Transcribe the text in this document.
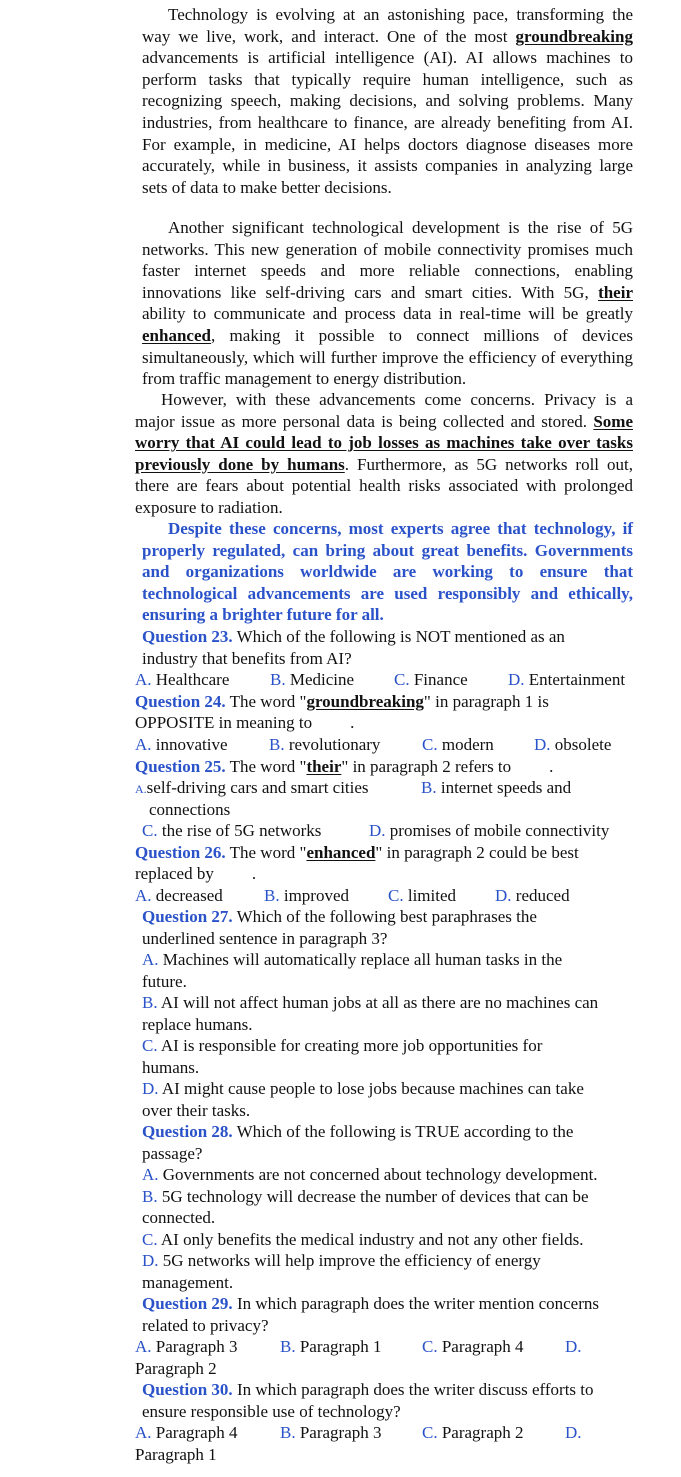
Technology is evolving at an astonishing pace, transforming the way we live, work, and interact. One of the most groundbreaking advancements is artificial intelligence (AI). AI allows machines to perform tasks that typically require human intelligence, such as recognizing speech, making decisions, and solving problems. Many industries, from healthcare to finance, are already benefiting from AI. For example, in medicine, AI helps doctors diagnose diseases more accurately, while in business, it assists companies in analyzing large sets of data to make better decisions.
Another significant technological development is the rise of 5G networks. This new generation of mobile connectivity promises much faster internet speeds and more reliable connections, enabling innovations like self-driving cars and smart cities. With 5G, their ability to communicate and process data in real-time will be greatly enhanced, making it possible to connect millions of devices simultaneously, which will further improve the efficiency of everything from traffic management to energy distribution.
However, with these advancements come concerns. Privacy is a major issue as more personal data is being collected and stored. Some worry that AI could lead to job losses as machines take over tasks previously done by humans. Furthermore, as 5G networks roll out, there are fears about potential health risks associated with prolonged exposure to radiation.
Despite these concerns, most experts agree that technology, if properly regulated, can bring about great benefits. Governments and organizations worldwide are working to ensure that technological advancements are used responsibly and ethically, ensuring a brighter future for all.
Question 23. Which of the following is NOT mentioned as an
industry that benefits from AI?
A. Healthcare B. Medicine C. Finance D. Entertainment
Question 24. The word "groundbreaking" in paragraph 1 is
OPPOSITE in meaning to .
A. innovative B. revolutionary C. modern D. obsolete
Question 25. The word "their" in paragraph 2 refers to .
A.self-driving cars and smart cities	B. internet speeds and
connections
C. the rise of 5G networks	D. promises of mobile connectivity
Question 26. The word "enhanced" in paragraph 2 could be best
replaced by .
A. decreased B. improved C. limited D. reduced
Question 27. Which of the following best paraphrases the
underlined sentence in paragraph 3?
A. Machines will automatically replace all human tasks in the
future.
B. AI will not affect human jobs at all as there are no machines can
replace humans.
C. AI is responsible for creating more job opportunities for
humans.
D. AI might cause people to lose jobs because machines can take
over their tasks.
Question 28. Which of the following is TRUE according to the
passage?
A. Governments are not concerned about technology development.
B. 5G technology will decrease the number of devices that can be
connected.
C. AI only benefits the medical industry and not any other fields.
D. 5G networks will help improve the efficiency of energy
management.
Question 29. In which paragraph does the writer mention concerns
related to privacy?
A. Paragraph 3	B. Paragraph 1 C. Paragraph 4 D.
Paragraph 2
Question 30. In which paragraph does the writer discuss efforts to
ensure responsible use of technology?
A. Paragraph 4	B. Paragraph 3 C. Paragraph 2 D.
Paragraph 1
